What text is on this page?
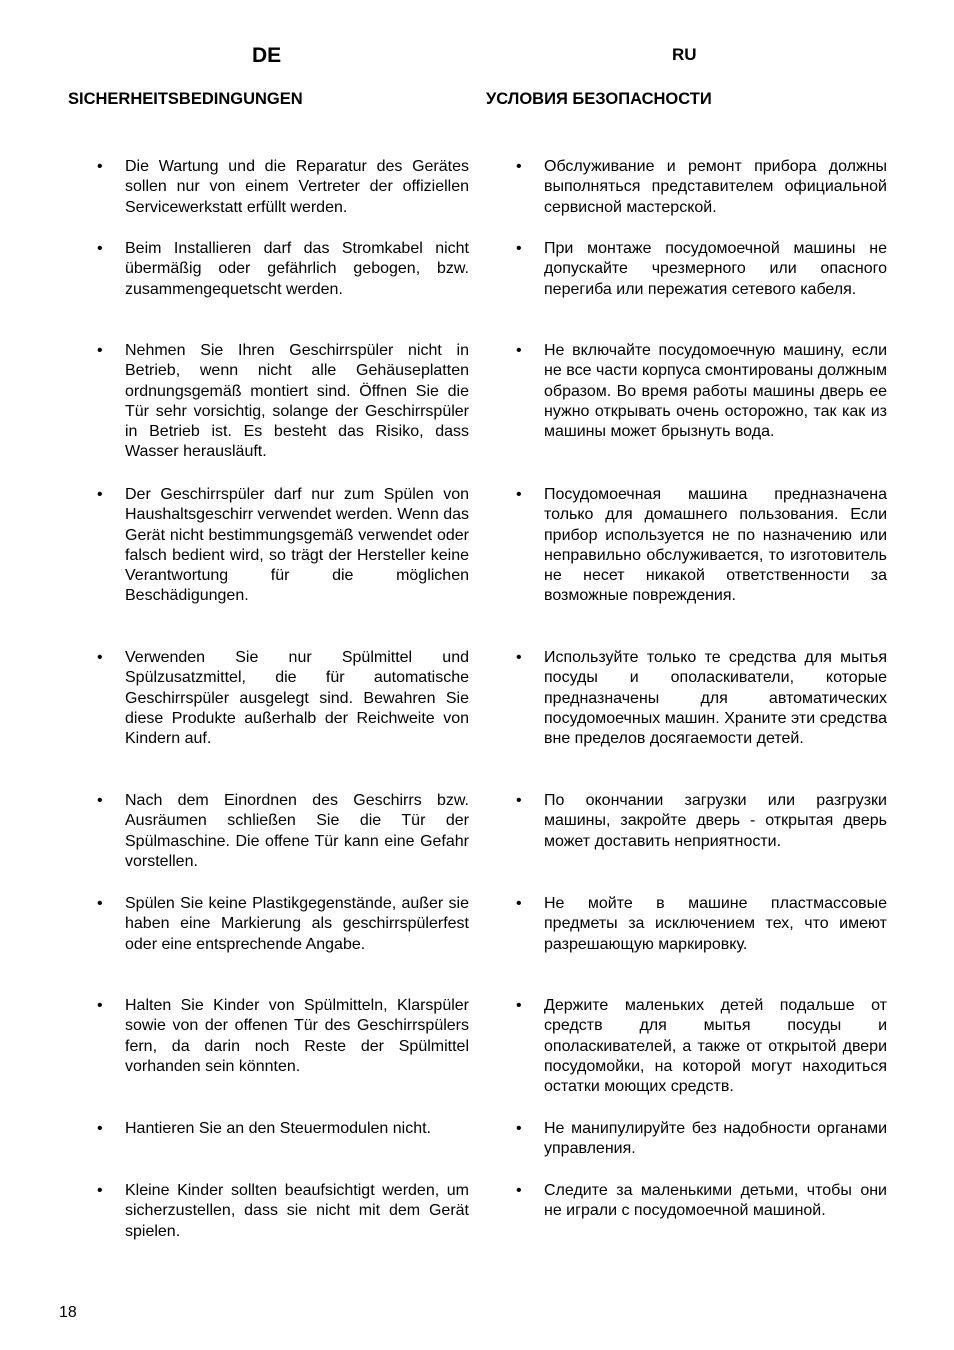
DE	RU
SICHERHEITSBEDINGUNGEN	УСЛОВИЯ БЕЗОПАСНОСТИ
• Die Wartung und die Reparatur des Gerätes sollen nur von einem Vertreter der offiziellen Servicewerkstatt erfüllt werden.
• Beim Installieren darf das Stromkabel nicht übermäßig oder gefährlich gebogen, bzw. zusammengequetscht werden.
• Nehmen Sie Ihren Geschirrspüler nicht in Betrieb, wenn nicht alle Gehäuseplatten ordnungsgemäß montiert sind. Öffnen Sie die Tür sehr vorsichtig, solange der Geschirrspüler in Betrieb ist. Es besteht das Risiko, dass Wasser herausläuft.
• Der Geschirrspüler darf nur zum Spülen von Haushaltsgeschirr verwendet werden. Wenn das Gerät nicht bestimmungsgemäß verwendet oder falsch bedient wird, so trägt der Hersteller keine Verantwortung für die möglichen Beschädigungen.
• Verwenden Sie nur Spülmittel und Spülzusatzmittel, die für automatische Geschirrspüler ausgelegt sind. Bewahren Sie diese Produkte außerhalb der Reichweite von Kindern auf.
• Nach dem Einordnen des Geschirrs bzw. Ausräumen schließen Sie die Tür der Spülmaschine. Die offene Tür kann eine Gefahr vorstellen.
• Spülen Sie keine Plastikgegenstände, außer sie haben eine Markierung als geschirrspülerfest oder eine entsprechende Angabe.
• Halten Sie Kinder von Spülmitteln, Klarspüler sowie von der offenen Tür des Geschirrspülers fern, da darin noch Reste der Spülmittel vorhanden sein könnten.
• Hantieren Sie an den Steuermodulen nicht.
• Kleine Kinder sollten beaufsichtigt werden, um sicherzustellen, dass sie nicht mit dem Gerät spielen.
• Обслуживание и ремонт прибора должны выполняться представителем официальной сервисной мастерской.
• При монтаже посудомоечной машины не допускайте чрезмерного или опасного перегиба или пережатия сетевого кабеля.
• Не включайте посудомоечную машину, если не все части корпуса смонтированы должным образом. Во время работы машины дверь ее нужно открывать очень осторожно, так как из машины может брызнуть вода.
• Посудомоечная машина предназначена только для домашнего пользования. Если прибор используется не по назначению или неправильно обслуживается, то изготовитель не несет никакой ответственности за возможные повреждения.
• Используйте только те средства для мытья посуды и ополаскиватели, которые предназначены для автоматических посудомоечных машин. Храните эти средства вне пределов досягаемости детей.
• По окончании загрузки или разгрузки машины, закройте дверь - открытая дверь может доставить неприятности.
• Не мойте в машине пластмассовые предметы за исключением тех, что имеют разрешающую маркировку.
• Держите маленьких детей подальше от средств для мытья посуды и ополаскивателей, а также от открытой двери посудомойки, на которой могут находиться остатки моющих средств.
• Не манипулируйте без надобности органами управления.
• Следите за маленькими детьми, чтобы они не играли с посудомоечной машиной.
18
